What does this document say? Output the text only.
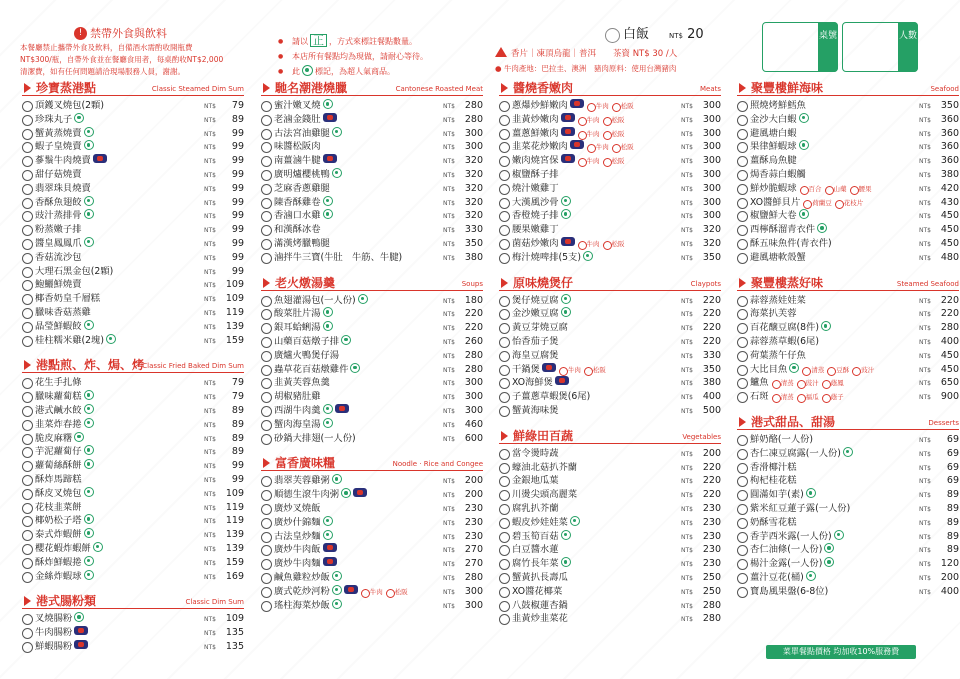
! 禁帶外食與飲料

本餐廳禁止攜帶外食及飲料，自備酒水需酌收開瓶費

NT$300/瓶，自帶外食並在餐廳食用者，每桌酌收NT$2,000

清潔費，如有任何問題請洽現場服務人員，謝謝。

● 請以 正 ，方式來標註餐點數量。

● 本店所有餐點均為現做，請耐心等待。

● 此 標記，為超人氣商品。

白飯	NT$ 20
香片｜凍頂烏龍｜普洱　　茶資 NT$ 30 /人
● 牛肉產地：巴拉圭、澳洲　豬肉原料：使用台灣豬肉
桌號	人數
珍寶蒸港點	Classic Steamed Dim Sum
頂鑊叉燒包(2顆)	NT$	79
珍珠丸子	NT$	89
蟹黃蒸燒賣	NT$	99
蝦子皇燒賣	NT$	99
蔘鬚牛肉燒賣	NT$	99
甜仔菇燒賣	NT$	99
翡翠珠貝燒賣	NT$	99
香酥魚翅餃	NT$	99
豉汁蒸排骨	NT$	99
粉蒸嫩子排	NT$	99
醬皇鳳鳳爪	NT$	99
香菇流沙包	NT$	99
大理石黑金包(2顆)	NT$	99
鮑鱺鮮燒賣	NT$	109
椰香奶皇千層糕	NT$	109
臘味香菇蒸雞	NT$	119
晶瑩鮮蝦餃	NT$	139
桂柱糯米雞(2塊)	NT$	159
港點煎、炸、焗、烤
Classic Fried Baked Dim Sum
花生手扎條	NT$	79
臘味蘿蔔糕	NT$	79
港式鹹水餃	NT$	89
韭菜炸春捲	NT$	89
脆皮麻糬	NT$	89
芋泥蘿蔔仔	NT$	89
蘿蔔絲酥餅	NT$	99
酥炸馬蹄糕	NT$	99
酥皮叉燒包	NT$	109
花枝韭菜餅	NT$	119
椰奶松子塔	NT$	119
泰式炸蝦餅	NT$	139
櫻花蝦炸蝦餅	NT$	139
酥炸鮮蝦捲	NT$	159
金絲炸蝦球	NT$	169
港式腸粉類	Classic Dim Sum
叉燒腸粉	NT$	109
牛肉腸粉	NT$	135
鮮蝦腸粉	NT$	135
馳名潮港燒臘	Cantonese Roasted Meat
蜜汁嫩叉燒	NT$	280
老滷金錢肚	NT$	280
古法宮油雞腿	NT$	300
味醬松阪肉	NT$	300
南薑滷牛腱	NT$	320
廣明爐櫻桃鴨	NT$	320
芝麻香蔥雞腿	NT$	320
陳香酥雞卷	NT$	320
香滷口水雞	NT$	320
和漢酥冰卷	NT$	330
滿漢烤臘鴨腿	NT$	350
滷拌牛三寶(牛肚　牛筋、牛腱)	NT$	380
老火燉湯羹	Soups
魚翅灌湯包(一人份)	NT$	180
酸菜肚片湯	NT$	220
銀耳蛤蜊湯	NT$	220
山藥百菇燉子排	NT$	260
廣爐火鴨煲仔湯	NT$	280
蟲草花百菇燉雞件	NT$	280
韭黃芙蓉魚羹	NT$	300
胡椒豬肚雞	NT$	300
西湖牛肉羹	NT$	300
蟹肉海皇湯	NT$	460
砂鍋大排翅(一人份)	NT$	600
富香廣味糧	Noodle · Rice and Congee
翡翠芙蓉雞粥	NT$	200
順德生滾牛肉粥	NT$	200
廣炒叉燒飯	NT$	230
廣炒什錦麵	NT$	230
古法皇炒麵	NT$	230
廣炒牛肉飯	NT$	270
廣炒牛肉麵	NT$	270
鹹魚雞粒炒飯	NT$	280
廣式乾炒河粉	牛肉 松阪	NT$	300
瑤柱海菜炒飯	NT$	300
醬燒香嫩肉	Meats
蔥爆炒鮮嫩肉	牛肉 松阪	NT$	300
韭黃炒嫩肉	牛肉 松阪	NT$	300
薑蔥鮮嫩肉	牛肉 松阪	NT$	300
韭菜花炒嫩肉	牛肉 松阪	NT$	300
嫩肉燒宮保	牛肉 松阪	NT$	300
椒鹽酥子排	NT$	300
燒汁嫩雞丁	NT$	300
大漢風沙骨	NT$	300
香橙燒子排	NT$	300
腰果嫩雞丁	NT$	320
菌菇炒嫩肉	牛肉 松阪	NT$	320
梅汁燒啤排(5支)	NT$	350
原味燒煲仔	Claypots
煲仔燒豆腐	NT$	220
金沙嫩豆腐	NT$	220
黃豆芽燒豆腐	NT$	220
怡香茄子煲	NT$	220
海皇豆腐煲	NT$	330
干鍋煲	牛肉 松阪	NT$	350
XO海鮮煲	NT$	380
子薑蔥草蝦煲(6尾)	NT$	400
蟹黃海味煲	NT$	500
鮮綠田百蔬	Vegetables
當令燙時蔬	NT$	200
蠔油北菇扒芥蘭	NT$	220
金銀地瓜葉	NT$	220
川燙尖頭高麗菜	NT$	220
腐乳扒芥蘭	NT$	230
蝦皮炒娃娃菜	NT$	230
碧玉筍百菇	NT$	230
白豆醬水蓮	NT$	230
腐竹長年菜	NT$	230
蟹黃扒長壽瓜	NT$	250
XO醬花椰菜	NT$	250
八鼓椒蓮杏鍋	NT$	280
韭黃炒韭菜花	NT$	280
聚豐樓鮮海味	Seafood
照燒烤鮮鱈魚	NT$	350
金沙大白蝦	NT$	360
避風塘白蝦	NT$	360
果律鮮蝦球	NT$	360
薑酥烏魚腱	NT$	360
焗香蒜白蝦觸	NT$	380
鮮炒脆蝦球 百合 山藥 腰果	NT$	420
XO醬鮮貝片 荷蘭豆 花枝片	NT$	430
椒鹽鮮大卷	NT$	450
西檸酥溜青衣件	NT$	450
酥五味魚件(青衣件)	NT$	450
避風塘軟殼蟹	NT$	480
聚豐樓蒸好味	Steamed Seafood
蒜蓉蒸娃娃菜	NT$	220
海菜扒芙蓉	NT$	220
百花醸豆腐(8件)	NT$	280
蒜蓉蒸草蝦(6尾)	NT$	400
荷葉蒸午仔魚	NT$	450
大比目魚	清蒸 豆酥 豉汁	NT$	450
鱸魚 清蒸 豉汁 蔭鳳	NT$	650
石斑 清蒸 福瓜 蔭子	NT$	900
港式甜品、甜湯	Desserts
鮮奶酪(一人份)	NT$	69
杏仁凍豆腐露(一人份)	NT$	69
香滑椰汁糕	NT$	69
枸杞桂花糕	NT$	69
圓滿如芋(素)	NT$	89
紫米紅豆蓮子露(一人份)	NT$	89
奶酥雪花糕	NT$	89
香芋西米露(一人份)	NT$	89
杏仁油條(一人份)	NT$	89
楊汁金露(一人份)	NT$	120
薑汁豆花(桶)	NT$	200
寶島風果盤(6-8位)	NT$	400
菜單餐點價格 均加收10%服務費
